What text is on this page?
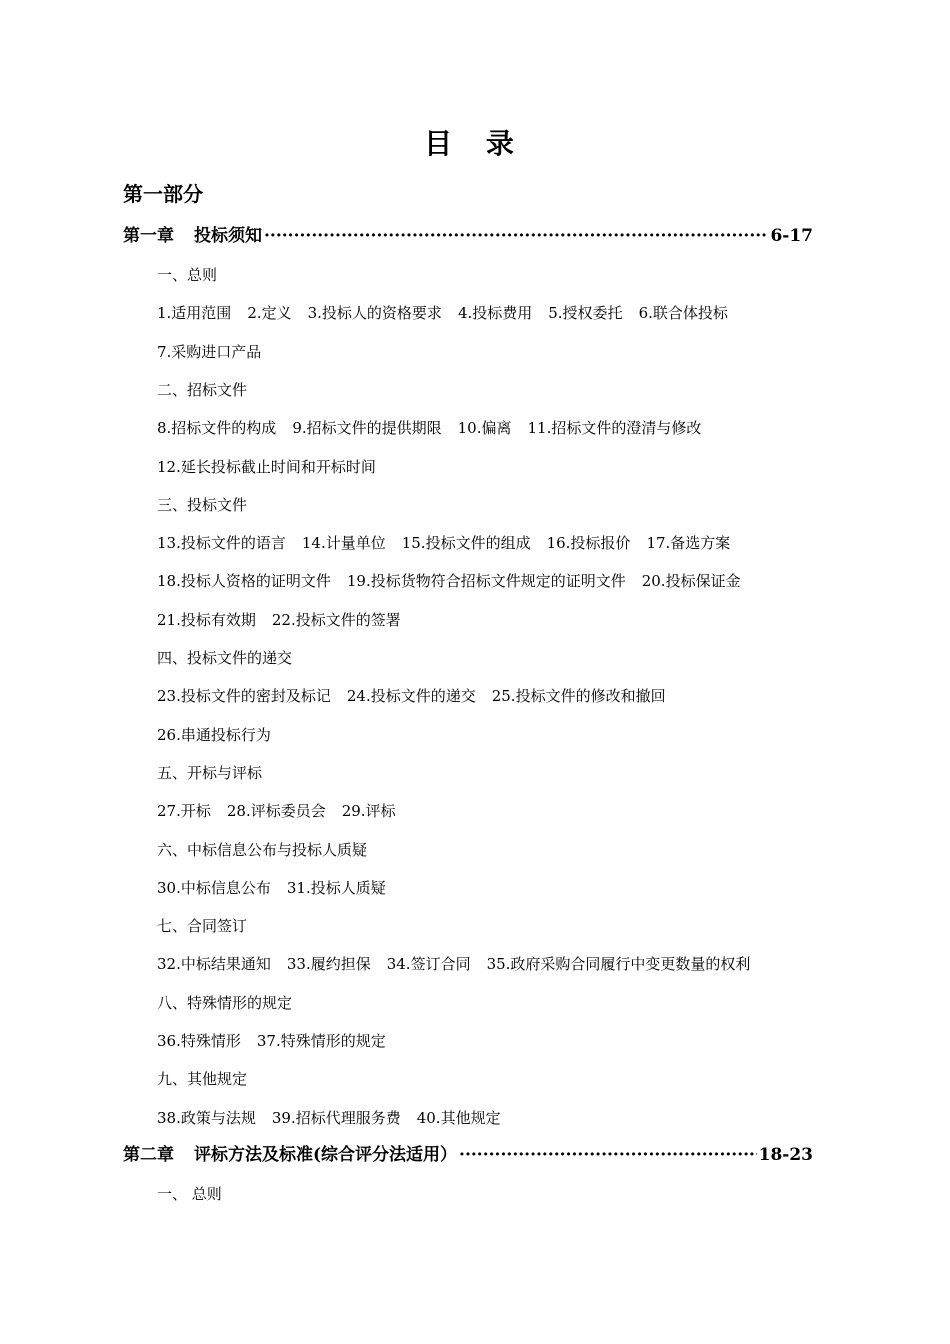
目 录
第一部分
第一章 投标须知 ·····	6-17
一、总则
1.适用范围 2.定义 3.投标人的资格要求 4.投标费用 5.授权委托 6.联合体投标
7.采购进口产品
二、招标文件
8.招标文件的构成 9.招标文件的提供期限 10.偏离 11.招标文件的澄清与修改
12.延长投标截止时间和开标时间
三、投标文件
13.投标文件的语言 14.计量单位 15.投标文件的组成 16.投标报价 17.备选方案
18.投标人资格的证明文件 19.投标货物符合招标文件规定的证明文件 20.投标保证金
21.投标有效期 22.投标文件的签署
四、投标文件的递交
23.投标文件的密封及标记 24.投标文件的递交 25.投标文件的修改和撤回
26.串通投标行为
五、开标与评标
27.开标 28.评标委员会 29.评标
六、中标信息公布与投标人质疑
30.中标信息公布 31.投标人质疑
七、合同签订
32.中标结果通知 33.履约担保 34.签订合同 35.政府采购合同履行中变更数量的权利
八、特殊情形的规定
36.特殊情形 37.特殊情形的规定
九、其他规定
38.政策与法规 39.招标代理服务费 40.其他规定
第二章 评标方法及标准(综合评分法适用） ·····	18-23
一、 总则
